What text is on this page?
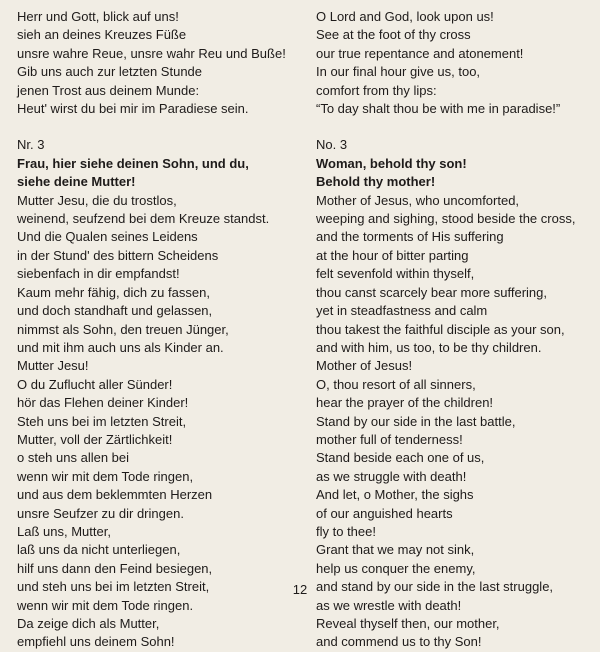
Herr und Gott, blick auf uns!
sieh an deines Kreuzes Füße
unsre wahre Reue, unsre wahr Reu und Buße!
Gib uns auch zur letzten Stunde
jenen Trost aus deinem Munde:
Heut' wirst du bei mir im Paradiese sein.
Nr. 3
Frau, hier siehe deinen Sohn, und du,
siehe deine Mutter!
Mutter Jesu, die du trostlos,
weinend, seufzend bei dem Kreuze standst.
Und die Qualen seines Leidens
in der Stund' des bittern Scheidens
siebenfach in dir empfandst!
Kaum mehr fähig, dich zu fassen,
und doch standhaft und gelassen,
nimmst als Sohn, den treuen Jünger,
und mit ihm auch uns als Kinder an.
Mutter Jesu!
O du Zuflucht aller Sünder!
hör das Flehen deiner Kinder!
Steh uns bei im letzten Streit,
Mutter, voll der Zärtlichkeit!
o steh uns allen bei
wenn wir mit dem Tode ringen,
und aus dem beklemmten Herzen
unsre Seufzer zu dir dringen.
Laß uns, Mutter,
laß uns da nicht unterliegen,
hilf uns dann den Feind besiegen,
und steh uns bei im letzten Streit,
wenn wir mit dem Tode ringen.
Da zeige dich als Mutter,
empfiehl uns deinem Sohn!
O Lord and God, look upon us!
See at the foot of thy cross
our true repentance and atonement!
In our final hour give us, too,
comfort from thy lips:
“To day shalt thou be with me in paradise!”
No. 3
Woman, behold thy son!
Behold thy mother!
Mother of Jesus, who uncomforted,
weeping and sighing, stood beside the cross,
and the torments of His suffering
at the hour of bitter parting
felt sevenfold within thyself,
thou canst scarcely bear more suffering,
yet in steadfastness and calm
thou takest the faithful disciple as your son,
and with him, us too, to be thy children.
Mother of Jesus!
O, thou resort of all sinners,
hear the prayer of the children!
Stand by our side in the last battle,
mother full of tenderness!
Stand beside each one of us,
as we struggle with death!
And let, o Mother, the sighs
of our anguished hearts
fly to thee!
Grant that we may not sink,
help us conquer the enemy,
and stand by our side in the last struggle,
as we wrestle with death!
Reveal thyself then, our mother,
and commend us to thy Son!
12
